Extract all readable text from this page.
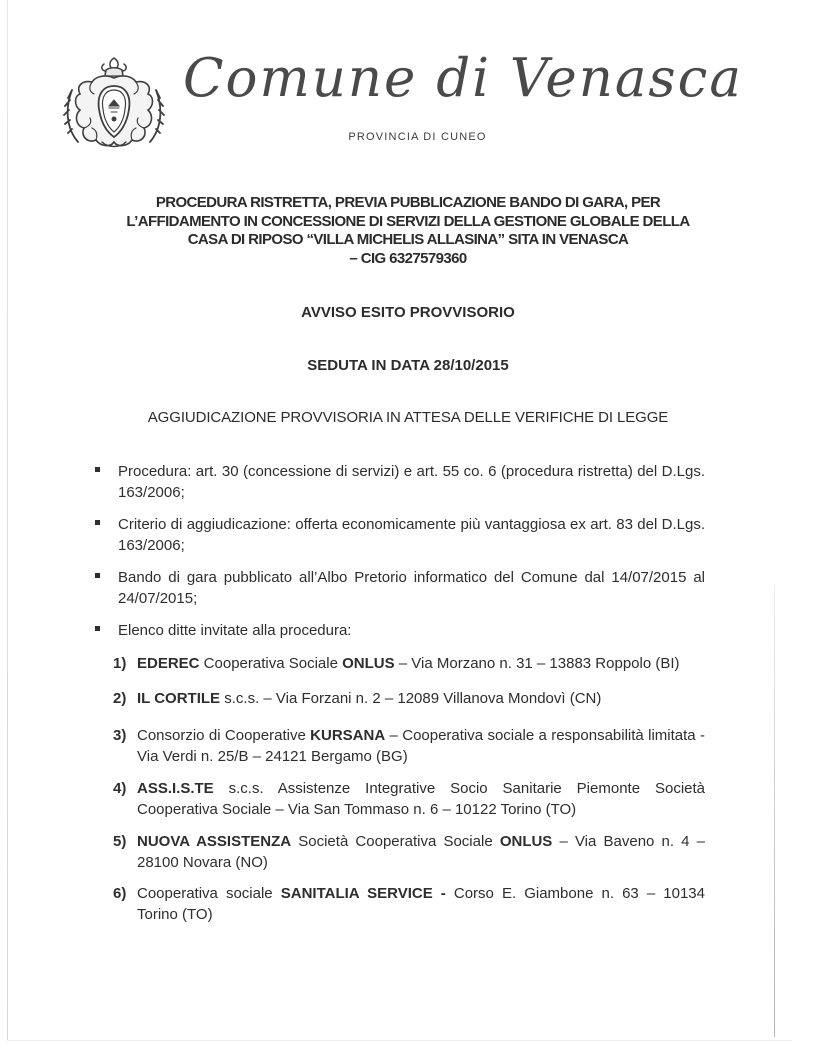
Comune di Venasca
PROVINCIA DI CUNEO
PROCEDURA RISTRETTA, PREVIA PUBBLICAZIONE BANDO DI GARA, PER
L’AFFIDAMENTO IN CONCESSIONE DI SERVIZI DELLA GESTIONE GLOBALE DELLA
CASA DI RIPOSO “VILLA MICHELIS ALLASINA” SITA IN VENASCA
– CIG 6327579360
AVVISO ESITO PROVVISORIO
SEDUTA IN DATA 28/10/2015
AGGIUDICAZIONE PROVVISORIA IN ATTESA DELLE VERIFICHE DI LEGGE
Procedura: art. 30 (concessione di servizi) e art. 55 co. 6 (procedura ristretta) del D.Lgs. 163/2006;
Criterio di aggiudicazione: offerta economicamente più vantaggiosa ex art. 83 del D.Lgs. 163/2006;
Bando di gara pubblicato all’Albo Pretorio informatico del Comune dal 14/07/2015 al 24/07/2015;
Elenco ditte invitate alla procedura:
1) EDEREC Cooperativa Sociale ONLUS – Via Morzano n. 31 – 13883 Roppolo (BI)
2) IL CORTILE s.c.s. – Via Forzani n. 2 – 12089 Villanova Mondovì (CN)
3) Consorzio di Cooperative KURSANA – Cooperativa sociale a responsabilità limitata - Via Verdi n. 25/B – 24121 Bergamo (BG)
4) ASS.I.S.TE s.c.s. Assistenze Integrative Socio Sanitarie Piemonte Società Cooperativa Sociale – Via San Tommaso n. 6 – 10122 Torino (TO)
5) NUOVA ASSISTENZA Società Cooperativa Sociale ONLUS – Via Baveno n. 4 – 28100 Novara (NO)
6) Cooperativa sociale SANITALIA SERVICE - Corso E. Giambone n. 63 – 10134 Torino (TO)
